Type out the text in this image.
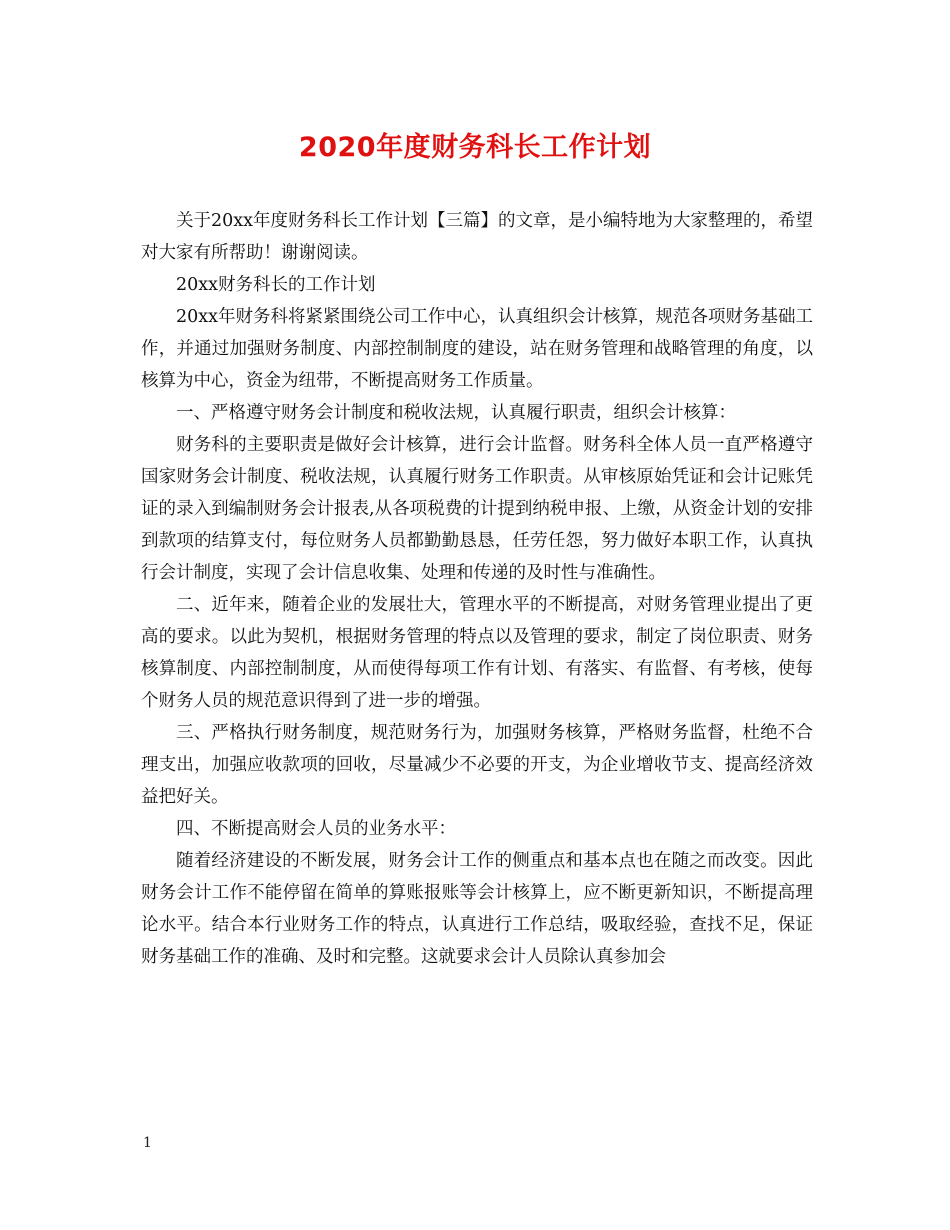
2020年度财务科长工作计划

关于20xx年度财务科长工作计划【三篇】的文章，是小编特地为大家整理的，希望对大家有所帮助！谢谢阅读。

20xx财务科长的工作计划

20xx年财务科将紧紧围绕公司工作中心，认真组织会计核算，规范各项财务基础工作，并通过加强财务制度、内部控制制度的建设，站在财务管理和战略管理的角度，以核算为中心，资金为纽带，不断提高财务工作质量。

一、严格遵守财务会计制度和税收法规，认真履行职责，组织会计核算：

财务科的主要职责是做好会计核算，进行会计监督。财务科全体人员一直严格遵守国家财务会计制度、税收法规，认真履行财务工作职责。从审核原始凭证和会计记账凭证的录入到编制财务会计报表,从各项税费的计提到纳税申报、上缴，从资金计划的安排到款项的结算支付，每位财务人员都勤勤恳恳，任劳任怨，努力做好本职工作，认真执行会计制度，实现了会计信息收集、处理和传递的及时性与准确性。

二、近年来，随着企业的发展壮大，管理水平的不断提高，对财务管理业提出了更高的要求。以此为契机，根据财务管理的特点以及管理的要求，制定了岗位职责、财务核算制度、内部控制制度，从而使得每项工作有计划、有落实、有监督、有考核，使每个财务人员的规范意识得到了进一步的增强。

三、严格执行财务制度，规范财务行为，加强财务核算，严格财务监督，杜绝不合理支出，加强应收款项的回收，尽量减少不必要的开支，为企业增收节支、提高经济效益把好关。

四、不断提高财会人员的业务水平：

随着经济建设的不断发展，财务会计工作的侧重点和基本点也在随之而改变。因此财务会计工作不能停留在简单的算账报账等会计核算上，应不断更新知识，不断提高理论水平。结合本行业财务工作的特点，认真进行工作总结，吸取经验，查找不足，保证财务基础工作的准确、及时和完整。这就要求会计人员除认真参加会

1
